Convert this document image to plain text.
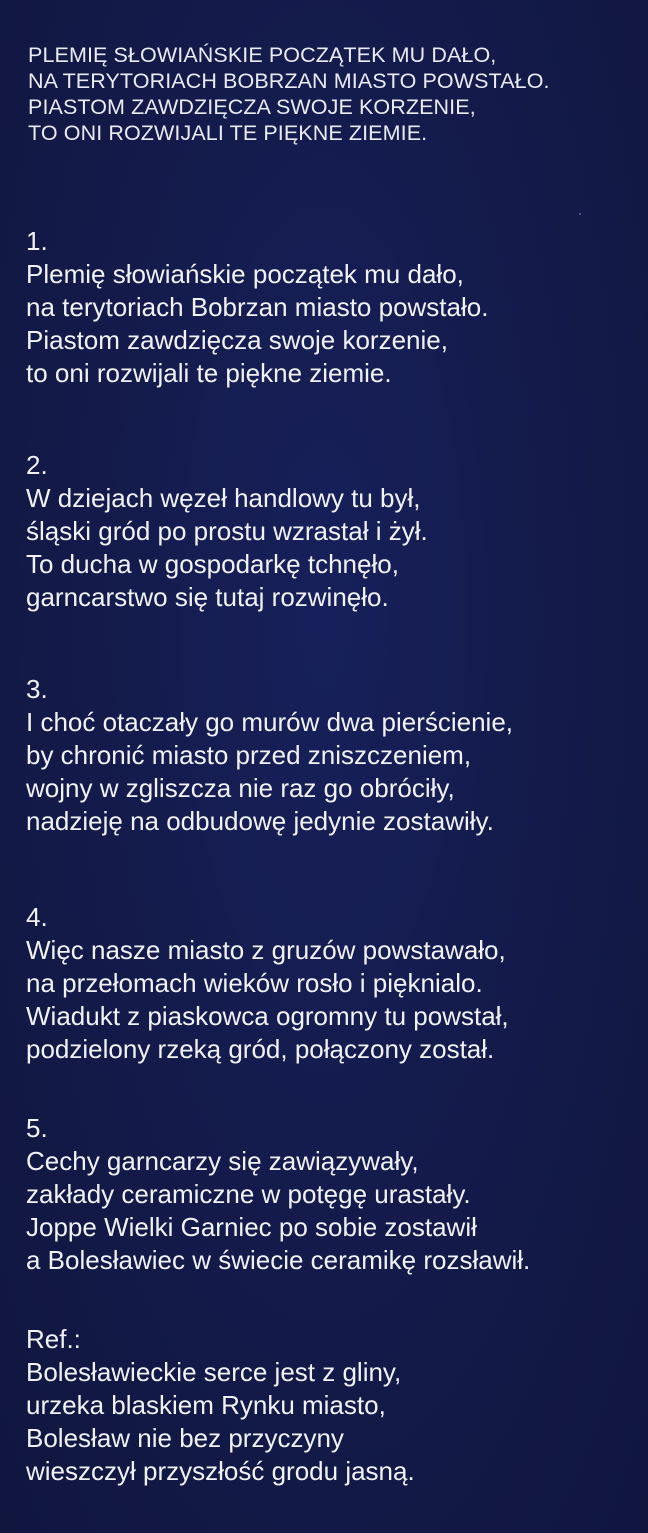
PLEMIĘ SŁOWIAŃSKIE POCZĄTEK MU DAŁO,
NA TERYTORIACH BOBRZAN MIASTO POWSTAŁO.
PIASTOM ZAWDZIĘCZA SWOJE KORZENIE,
TO ONI ROZWIJALI TE PIĘKNE ZIEMIE.
1.
Plemię słowiańskie początek mu dało,
na terytoriach Bobrzan miasto powstało.
Piastom zawdzięcza swoje korzenie,
to oni rozwijali te piękne ziemie.
2.
W dziejach węzeł handlowy tu był,
śląski gród po prostu wzrastał i żył.
To ducha w gospodarkę tchnęło,
garncarstwo się tutaj rozwinęło.
3.
I choć otaczały go murów dwa pierścienie,
by chronić miasto przed zniszczeniem,
wojny w zgliszcza nie raz go obróciły,
nadzieję na odbudowę jedynie zostawiły.
4.
Więc nasze miasto z gruzów powstawało,
na przełomach wieków rosło i pięknialo.
Wiadukt z piaskowca ogromny tu powstał,
podzielony rzeką gród, połączony został.
5.
Cechy garncarzy się zawiązywały,
zakłady ceramiczne w potęgę urastały.
Joppe Wielki Garniec po sobie zostawił
a Bolesławiec w świecie ceramikę rozsławił.
Ref.:
Bolesławieckie serce jest z gliny,
urzeka blaskiem Rynku miasto,
Bolesław nie bez przyczyny
wieszczył przyszłość grodu jasną.
